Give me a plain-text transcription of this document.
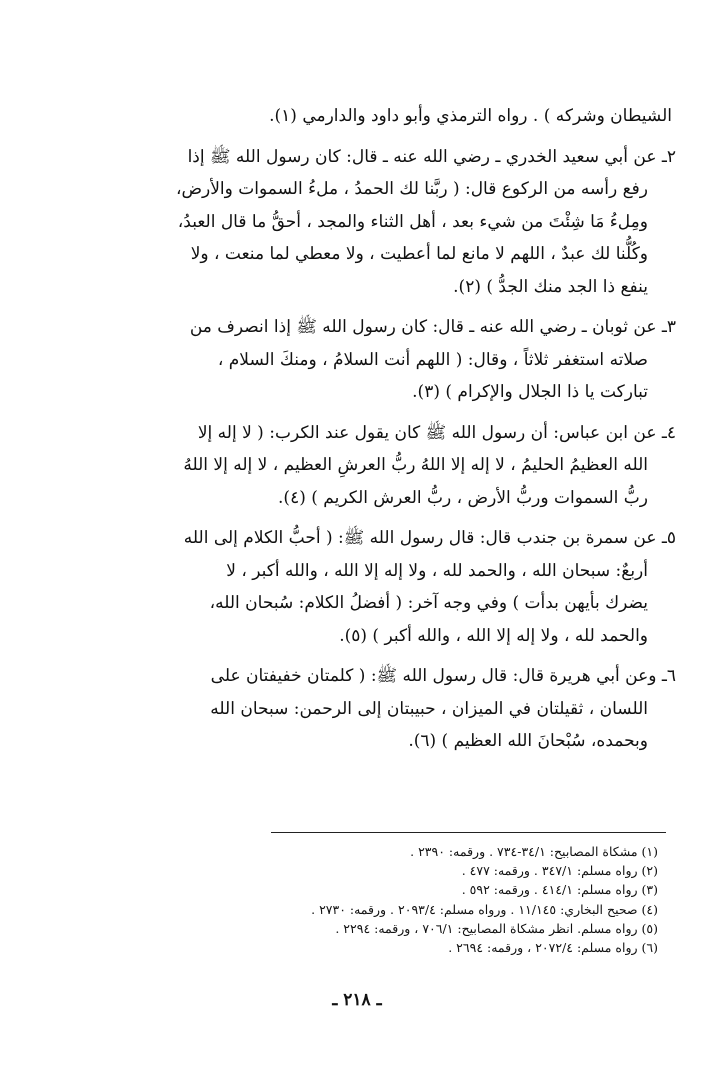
الشيطان وشركه ) . رواه الترمذي وأبو داود والدارمي (١).

٢ـ عن أبي سعيد الخدري ـ رضي الله عنه ـ قال: كان رسول الله ﷺ إذا
رفع رأسه من الركوع قال: ( ربَّنا لك الحمدُ ، ملءُ السموات والأرض،
ومِلءُ مَا شِئْتَ من شيء بعد ، أهل الثناء والمجد ، أحقُّ ما قال العبدُ،
وكُلُّنا لك عبدٌ ، اللهم لا مانع لما أعطيت ، ولا معطي لما منعت ، ولا
ينفع ذا الجد منك الجدُّ ) (٢).

٣ـ عن ثوبان ـ رضي الله عنه ـ قال: كان رسول الله ﷺ إذا انصرف من
صلاته استغفر ثلاثاً ، وقال: ( اللهم أنت السلامُ ، ومنكَ السلام ،
تباركت يا ذا الجلال والإكرام ) (٣).

٤ـ عن ابن عباس: أن رسول الله ﷺ كان يقول عند الكرب: ( لا إله إلا
الله العظيمُ الحليمُ ، لا إله إلا اللهُ ربُّ العرشِ العظيم ، لا إله إلا اللهُ
ربُّ السموات وربُّ الأرض ، ربُّ العرش الكريم ) (٤).

٥ـ عن سمرة بن جندب قال: قال رسول الله ﷺ: ( أحبُّ الكلام إلى الله
أربعٌ: سبحان الله ، والحمد لله ، ولا إله إلا الله ، والله أكبر ، لا
يضرك بأيهن بدأت ) وفي وجه آخر: ( أفضلُ الكلام: سُبحان الله،
والحمد لله ، ولا إله إلا الله ، والله أكبر ) (٥).

٦ـ وعن أبي هريرة قال: قال رسول الله ﷺ: ( كلمتان خفيفتان على
اللسان ، ثقيلتان في الميزان ، حبيبتان إلى الرحمن: سبحان الله
وبحمده، سُبْحانَ الله العظيم ) (٦).

(١) مشكاة المصابيح: ٣٤/١-٧٣٤ . ورقمه: ٢٣٩٠ .
(٢) رواه مسلم: ٣٤٧/١ . ورقمه: ٤٧٧ .
(٣) رواه مسلم: ٤١٤/١ . ورقمه: ٥٩٢ .
(٤) صحيح البخاري: ١١/١٤٥ . ورواه مسلم: ٢٠٩٣/٤ . ورقمه: ٢٧٣٠ .
(٥) رواه مسلم. انظر مشكاة المصابيح: ٧٠٦/١ ، ورقمه: ٢٢٩٤ .
(٦) رواه مسلم: ٢٠٧٢/٤ ، ورقمه: ٢٦٩٤ .
ـ ٢١٨ ـ
